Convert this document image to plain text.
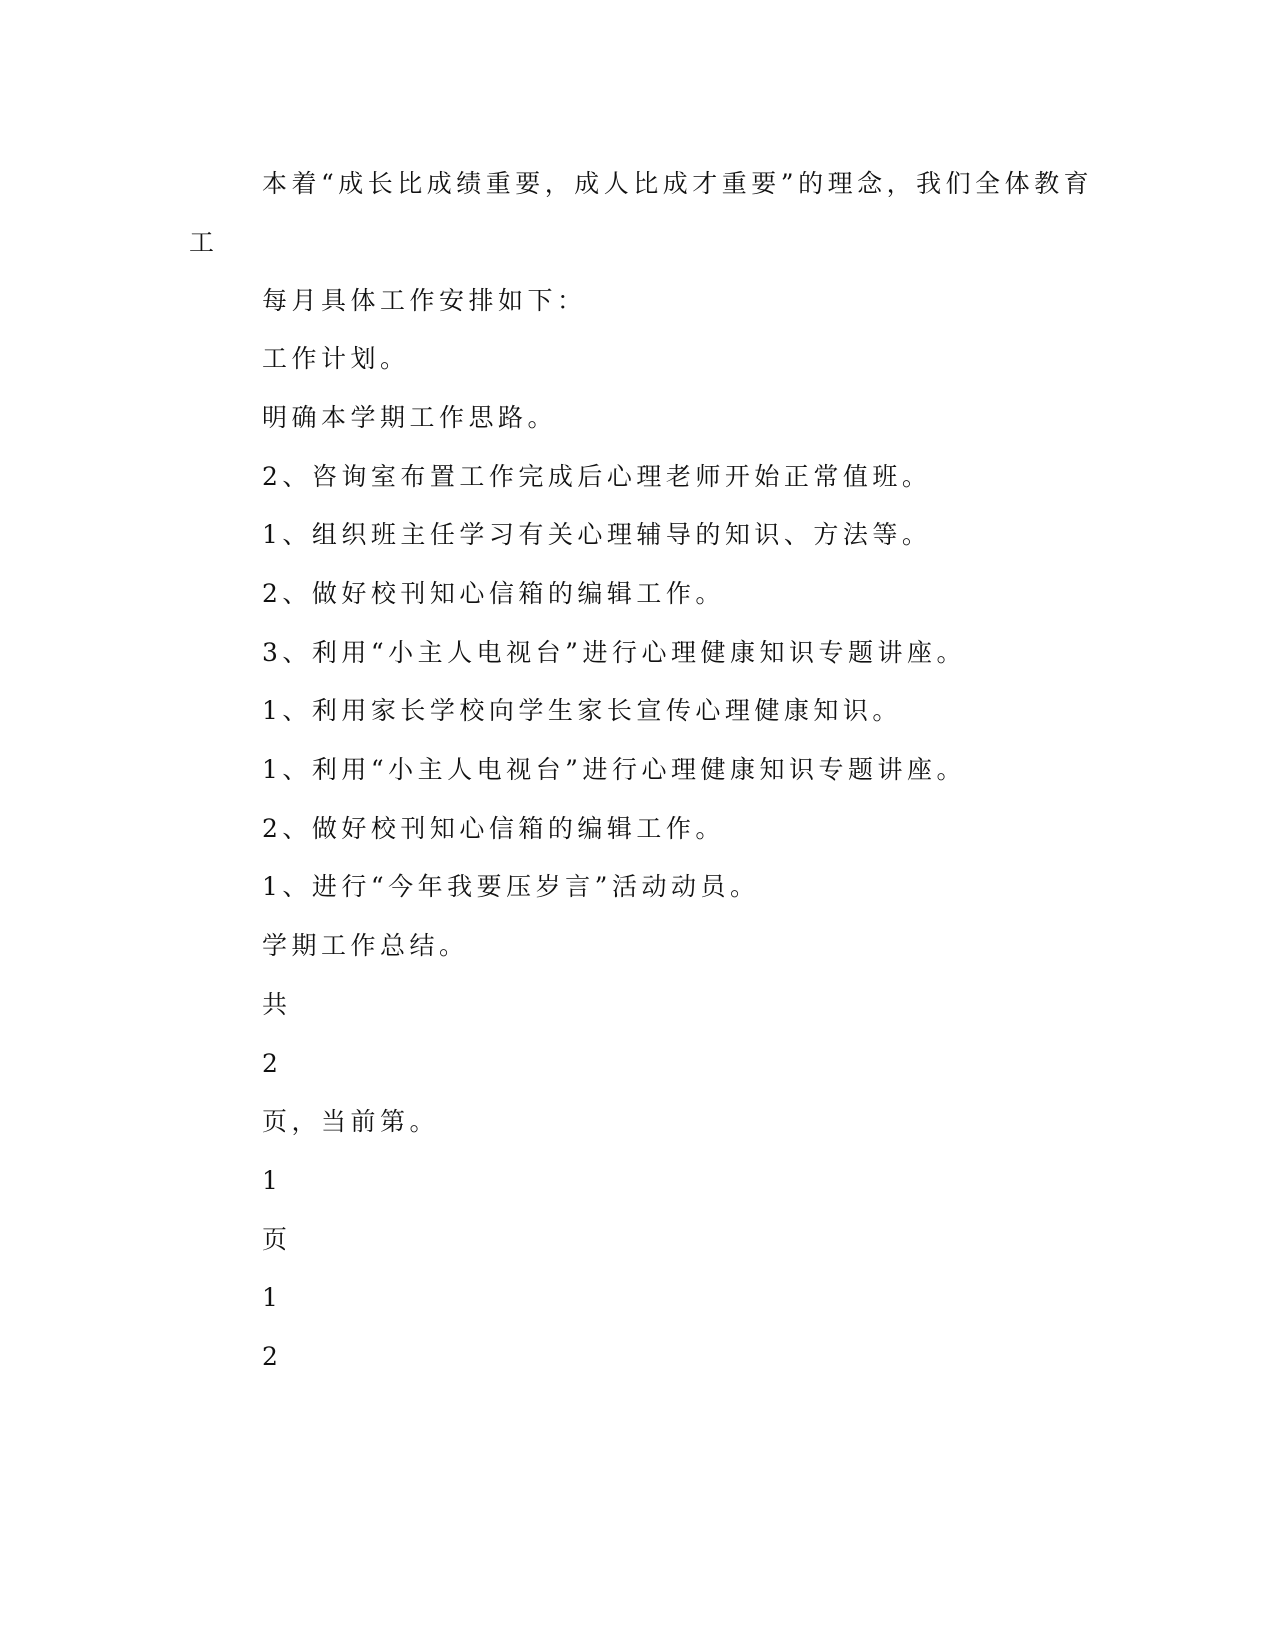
本着“成长比成绩重要，成人比成才重要”的理念，我们全体教育
工
每月具体工作安排如下：
工作计划。
明确本学期工作思路。
2、咨询室布置工作完成后心理老师开始正常值班。
1、组织班主任学习有关心理辅导的知识、方法等。
2、做好校刊知心信箱的编辑工作。
3、利用“小主人电视台”进行心理健康知识专题讲座。
1、利用家长学校向学生家长宣传心理健康知识。
1、利用“小主人电视台”进行心理健康知识专题讲座。
2、做好校刊知心信箱的编辑工作。
1、进行“今年我要压岁言”活动动员。
学期工作总结。
共
2
页，当前第。
1
页
1
2
